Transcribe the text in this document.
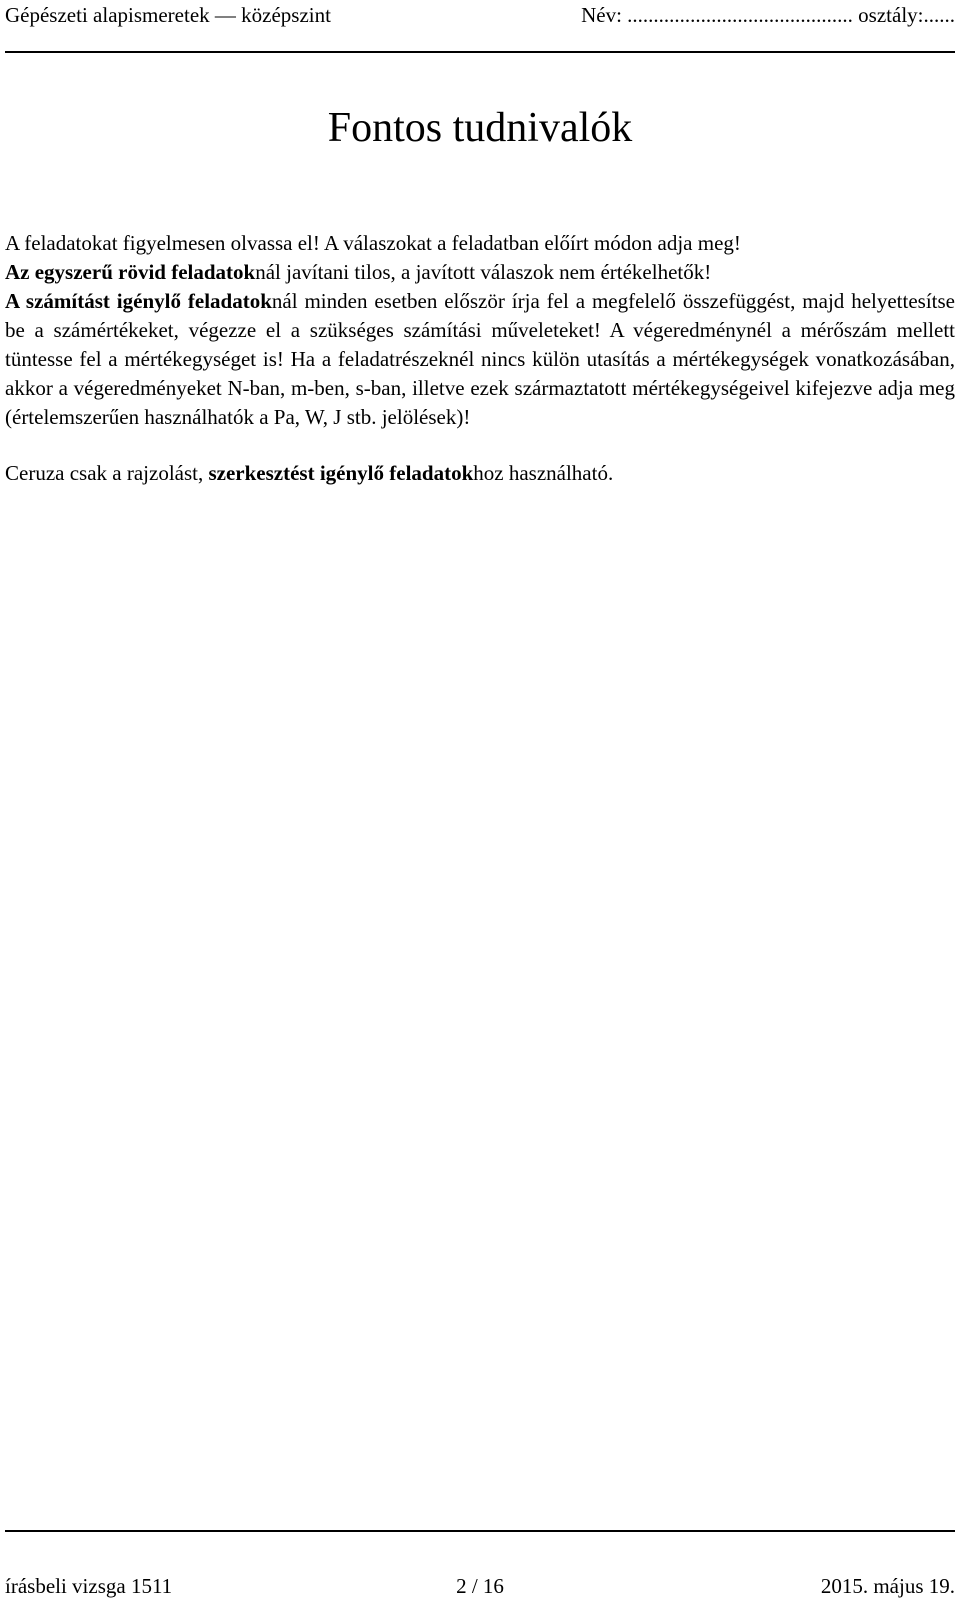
Gépészeti alapismeretek — középszint	Név: ........................................... osztály:......
Fontos tudnivalók

A feladatokat figyelmesen olvassa el! A válaszokat a feladatban előírt módon adja meg!
Az egyszerű rövid feladatoknál javítani tilos, a javított válaszok nem értékelhetők!
A számítást igénylő feladatoknál minden esetben először írja fel a megfelelő összefüggést, majd helyettesítse be a számértékeket, végezze el a szükséges számítási műveleteket! A végeredménynél a mérőszám mellett tüntesse fel a mértékegységet is! Ha a feladatrészeknél nincs külön utasítás a mértékegységek vonatkozásában, akkor a végeredményeket N-ban, m-ben, s-ban, illetve ezek származtatott mértékegységeivel kifejezve adja meg (értelemszerűen használhatók a Pa, W, J stb. jelölések)!

Ceruza csak a rajzolást, szerkesztést igénylő feladatokhoz használható.

írásbeli vizsga 1511	2 / 16	2015. május 19.
